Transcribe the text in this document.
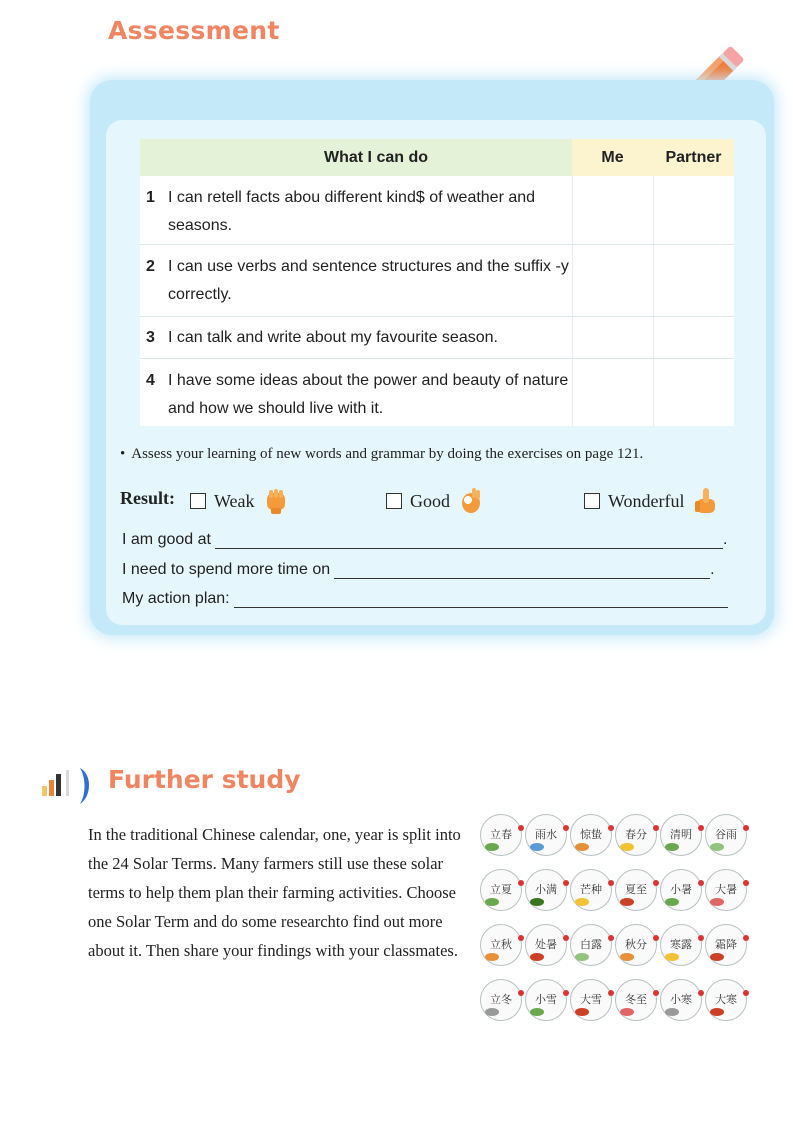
Assessment
What I can do	Me	Partner

1 I can retell facts abou different kind$ of weather and seasons.		

2 I can use verbs and sentence structures and the suffix -y correctly.		

3 I can talk and write about my favourite season.		

4 I have some ideas about the power and beauty of nature and how we should live with it.		

• Assess your learning of new words and grammar by doing the exercises on page 121.
Result: Weak	Good	Wonderful
I am good at	.
I need to spend more time on	.
My action plan:
Further study
In the traditional Chinese calendar, one, year is split into the 24 Solar Terms. Many farmers still use these solar terms to help them plan their farming activities. Choose one Solar Term and do some researchto find out more about it. Then share your findings with your classmates.
立春 雨水 惊蛰 春分 清明 谷雨
立夏 小满 芒种 夏至 小暑 大暑
立秋 处暑 白露 秋分 寒露 霜降
立冬 小雪 大雪 冬至 小寒 大寒
